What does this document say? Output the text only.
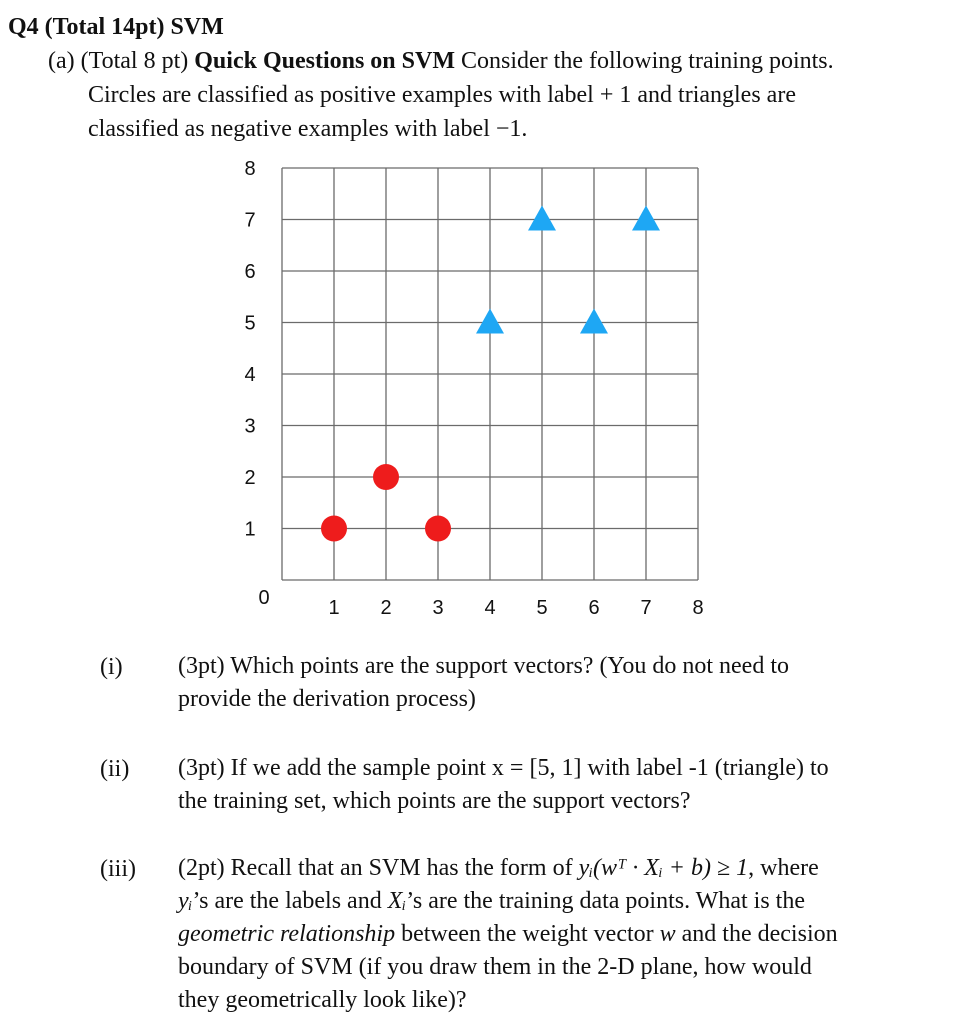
Q4 (Total 14pt) SVM
(a) (Total 8 pt) Quick Questions on SVM Consider the following training points.
Circles are classified as positive examples with label + 1 and triangles are
classified as negative examples with label −1.
1
2
3
4
5
6
7
8
0	1 2 3 4 5 6 7 8
(i) (3pt) Which points are the support vectors? (You do not need to
provide the derivation process)
(ii) (3pt) If we add the sample point x = [5, 1] with label -1 (triangle) to
the training set, which points are the support vectors?
(iii) (2pt) Recall that an SVM has the form of yᵢ(wᵀ · Xᵢ + b) ≥ 1, where
yᵢ’s are the labels and Xᵢ’s are the training data points. What is the
geometric relationship between the weight vector w and the decision
boundary of SVM (if you draw them in the 2-D plane, how would
they geometrically look like)?
